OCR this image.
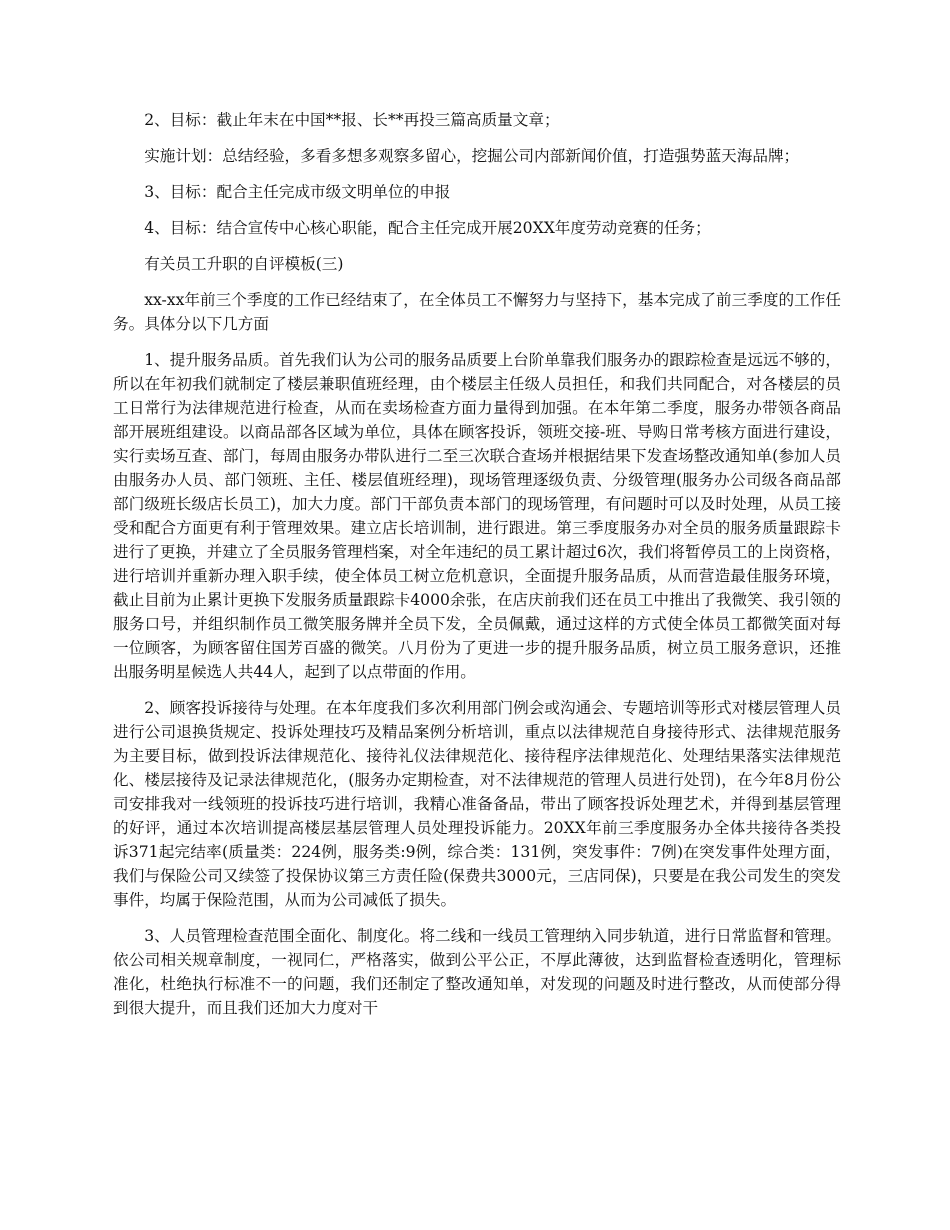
2、目标：截止年末在中国**报、长**再投三篇高质量文章；

实施计划：总结经验，多看多想多观察多留心，挖掘公司内部新闻价值，打造强势蓝天海品牌；

3、目标：配合主任完成市级文明单位的申报

4、目标：结合宣传中心核心职能，配合主任完成开展20XX年度劳动竞赛的任务；

有关员工升职的自评模板(三)

xx-xx年前三个季度的工作已经结束了，在全体员工不懈努力与坚持下，基本完成了前三季度的工作任务。具体分以下几方面

1、提升服务品质。首先我们认为公司的服务品质要上台阶单靠我们服务办的跟踪检查是远远不够的，所以在年初我们就制定了楼层兼职值班经理，由个楼层主任级人员担任，和我们共同配合，对各楼层的员工日常行为法律规范进行检查，从而在卖场检查方面力量得到加强。在本年第二季度，服务办带领各商品部开展班组建设。以商品部各区域为单位，具体在顾客投诉，领班交接-班、导购日常考核方面进行建设，实行卖场互查、部门，每周由服务办带队进行二至三次联合查场并根据结果下发查场整改通知单(参加人员由服务办人员、部门领班、主任、楼层值班经理)，现场管理逐级负责、分级管理(服务办公司级各商品部部门级班长级店长员工)，加大力度。部门干部负责本部门的现场管理，有问题时可以及时处理，从员工接受和配合方面更有利于管理效果。建立店长培训制，进行跟进。第三季度服务办对全员的服务质量跟踪卡进行了更换，并建立了全员服务管理档案，对全年违纪的员工累计超过6次，我们将暂停员工的上岗资格，进行培训并重新办理入职手续，使全体员工树立危机意识，全面提升服务品质，从而营造最佳服务环境，截止目前为止累计更换下发服务质量跟踪卡4000余张，在店庆前我们还在员工中推出了我微笑、我引领的服务口号，并组织制作员工微笑服务牌并全员下发，全员佩戴，通过这样的方式使全体员工都微笑面对每一位顾客，为顾客留住国芳百盛的微笑。八月份为了更进一步的提升服务品质，树立员工服务意识，还推出服务明星候选人共44人，起到了以点带面的作用。

2、顾客投诉接待与处理。在本年度我们多次利用部门例会或沟通会、专题培训等形式对楼层管理人员进行公司退换货规定、投诉处理技巧及精品案例分析培训，重点以法律规范自身接待形式、法律规范服务为主要目标，做到投诉法律规范化、接待礼仪法律规范化、接待程序法律规范化、处理结果落实法律规范化、楼层接待及记录法律规范化，(服务办定期检查，对不法律规范的管理人员进行处罚)，在今年8月份公司安排我对一线领班的投诉技巧进行培训，我精心准备备品，带出了顾客投诉处理艺术，并得到基层管理的好评，通过本次培训提高楼层基层管理人员处理投诉能力。20XX年前三季度服务办全体共接待各类投诉371起完结率(质量类：224例，服务类:9例，综合类：131例，突发事件：7例)在突发事件处理方面，我们与保险公司又续签了投保协议第三方责任险(保费共3000元，三店同保)，只要是在我公司发生的突发事件，均属于保险范围，从而为公司减低了损失。

3、人员管理检查范围全面化、制度化。将二线和一线员工管理纳入同步轨道，进行日常监督和管理。依公司相关规章制度，一视同仁，严格落实，做到公平公正，不厚此薄彼，达到监督检查透明化，管理标准化，杜绝执行标准不一的问题，我们还制定了整改通知单，对发现的问题及时进行整改，从而使部分得到很大提升，而且我们还加大力度对干
